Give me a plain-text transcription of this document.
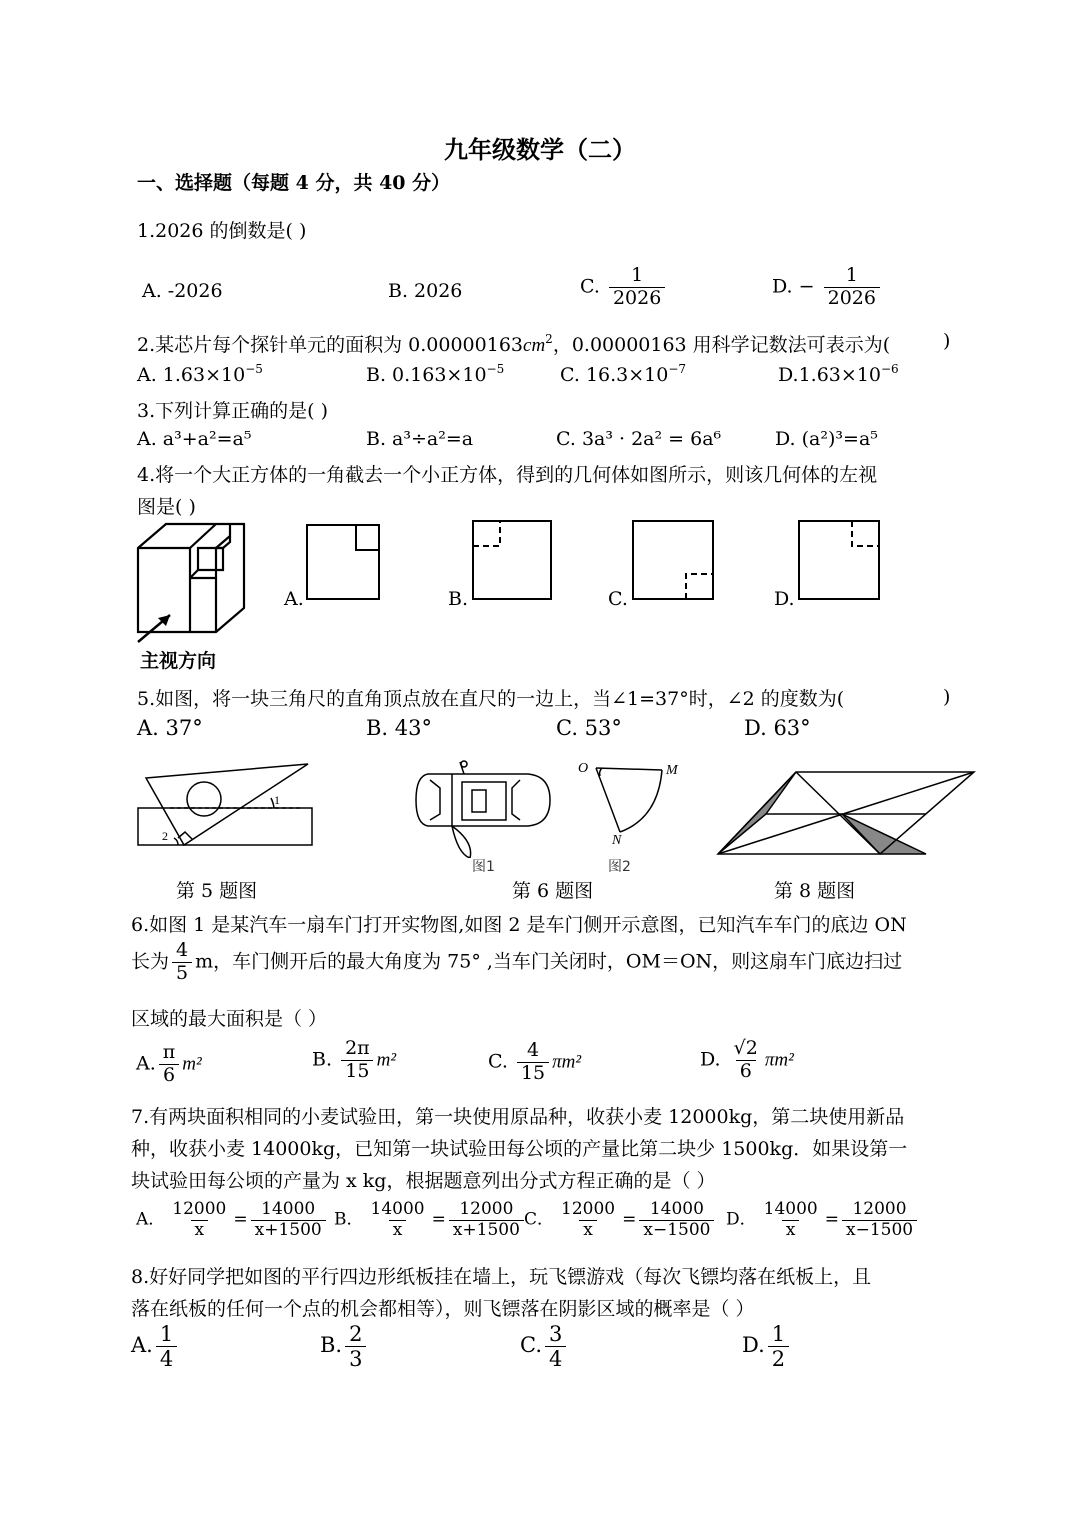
九年级数学（二）
一、选择题（每题 4 分，共 40 分）
1.2026 的倒数是( )
A. -2026	B. 2026	C. $\frac{1}{2026}$	D. − $\frac{1}{2026}$
2.某芯片每个探针单元的面积为 $0.00000163cm^2$，0.00000163 用科学记数法可表示为(	)
A. $1.63\times 10^{-5}$	B. $0.163\times 10^{-5}$	C. $16.3\times 10^{-7}$	$D.1.63\times 10^{-6}$
3.下列计算正确的是( )
A. a³+a²=a⁵	B. a³÷a²=a	C. 3a³ · 2a² = 6a⁶	D. (a²)³=a⁵
4.将一个大正方体的一角截去一个小正方体，得到的几何体如图所示，则该几何体的左视
图是( )
主视方向
A.	B.	C.	D.
5.如图，将一块三角尺的直角顶点放在直尺的一边上，当∠1=37°时，∠2 的度数为(	)
A. 37°	B. 43°	C. 53°	D. 63°
1
2
图1
O	M
N
图2
第 5 题图	第 6 题图	第 8 题图
6.如图 1 是某汽车一扇车门打开实物图,如图 2 是车门侧开示意图，已知汽车车门的底边 ON
长为 $\frac{4}{5}$ m，车门侧开后的最大角度为 75° ,当车门关闭时，OM＝ON，则这扇车门底边扫过
区域的最大面积是（ ）
A. $\frac{\pi}{6} m^2$	B. $\frac{2\pi}{15} m^2$	C. $\frac{4}{15} \pi m^2$	D. $\frac{√2}{6} \pi m^2$
7.有两块面积相同的小麦试验田，第一块使用原品种，收获小麦 12000kg，第二块使用新品
种，收获小麦 14000kg，已知第一块试验田每公顷的产量比第二块少 1500kg．如果设第一
块试验田每公顷的产量为 x kg，根据题意列出分式方程正确的是（ ）
A． $\frac{12000}{x} = \frac{14000}{x+1500}$ B． $\frac{14000}{x} = \frac{12000}{x+1500}$ C． $\frac{12000}{x} = \frac{14000}{x-1500}$ D． $\frac{14000}{x} = \frac{12000}{x-1500}$
8.好好同学把如图的平行四边形纸板挂在墙上，玩飞镖游戏（每次飞镖均落在纸板上，且
落在纸板的任何一个点的机会都相等），则飞镖落在阴影区域的概率是（ ）
A. $\frac{1}{4}$	B. $\frac{2}{3}$	C. $\frac{3}{4}$	D. $\frac{1}{2}$
